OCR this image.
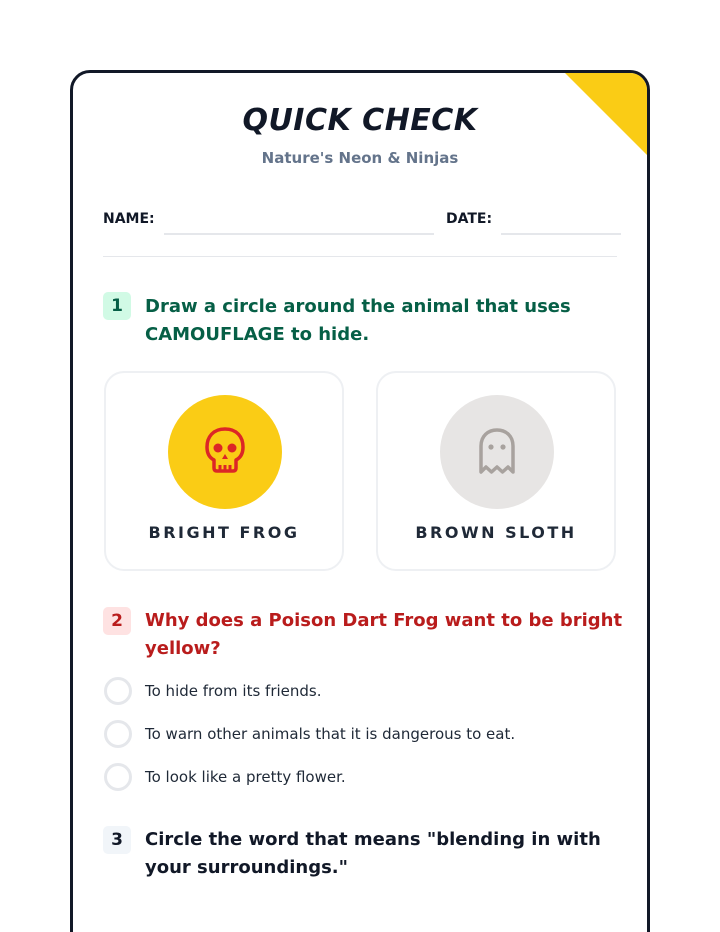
QUICK CHECK
Nature's Neon & Ninjas
NAME:	DATE:
1	Draw a circle around the animal that uses CAMOUFLAGE to hide.
BRIGHT FROG	BROWN SLOTH
2	Why does a Poison Dart Frog want to be bright yellow?
To hide from its friends.
To warn other animals that it is dangerous to eat.
To look like a pretty flower.
3	Circle the word that means "blending in with your surroundings."
